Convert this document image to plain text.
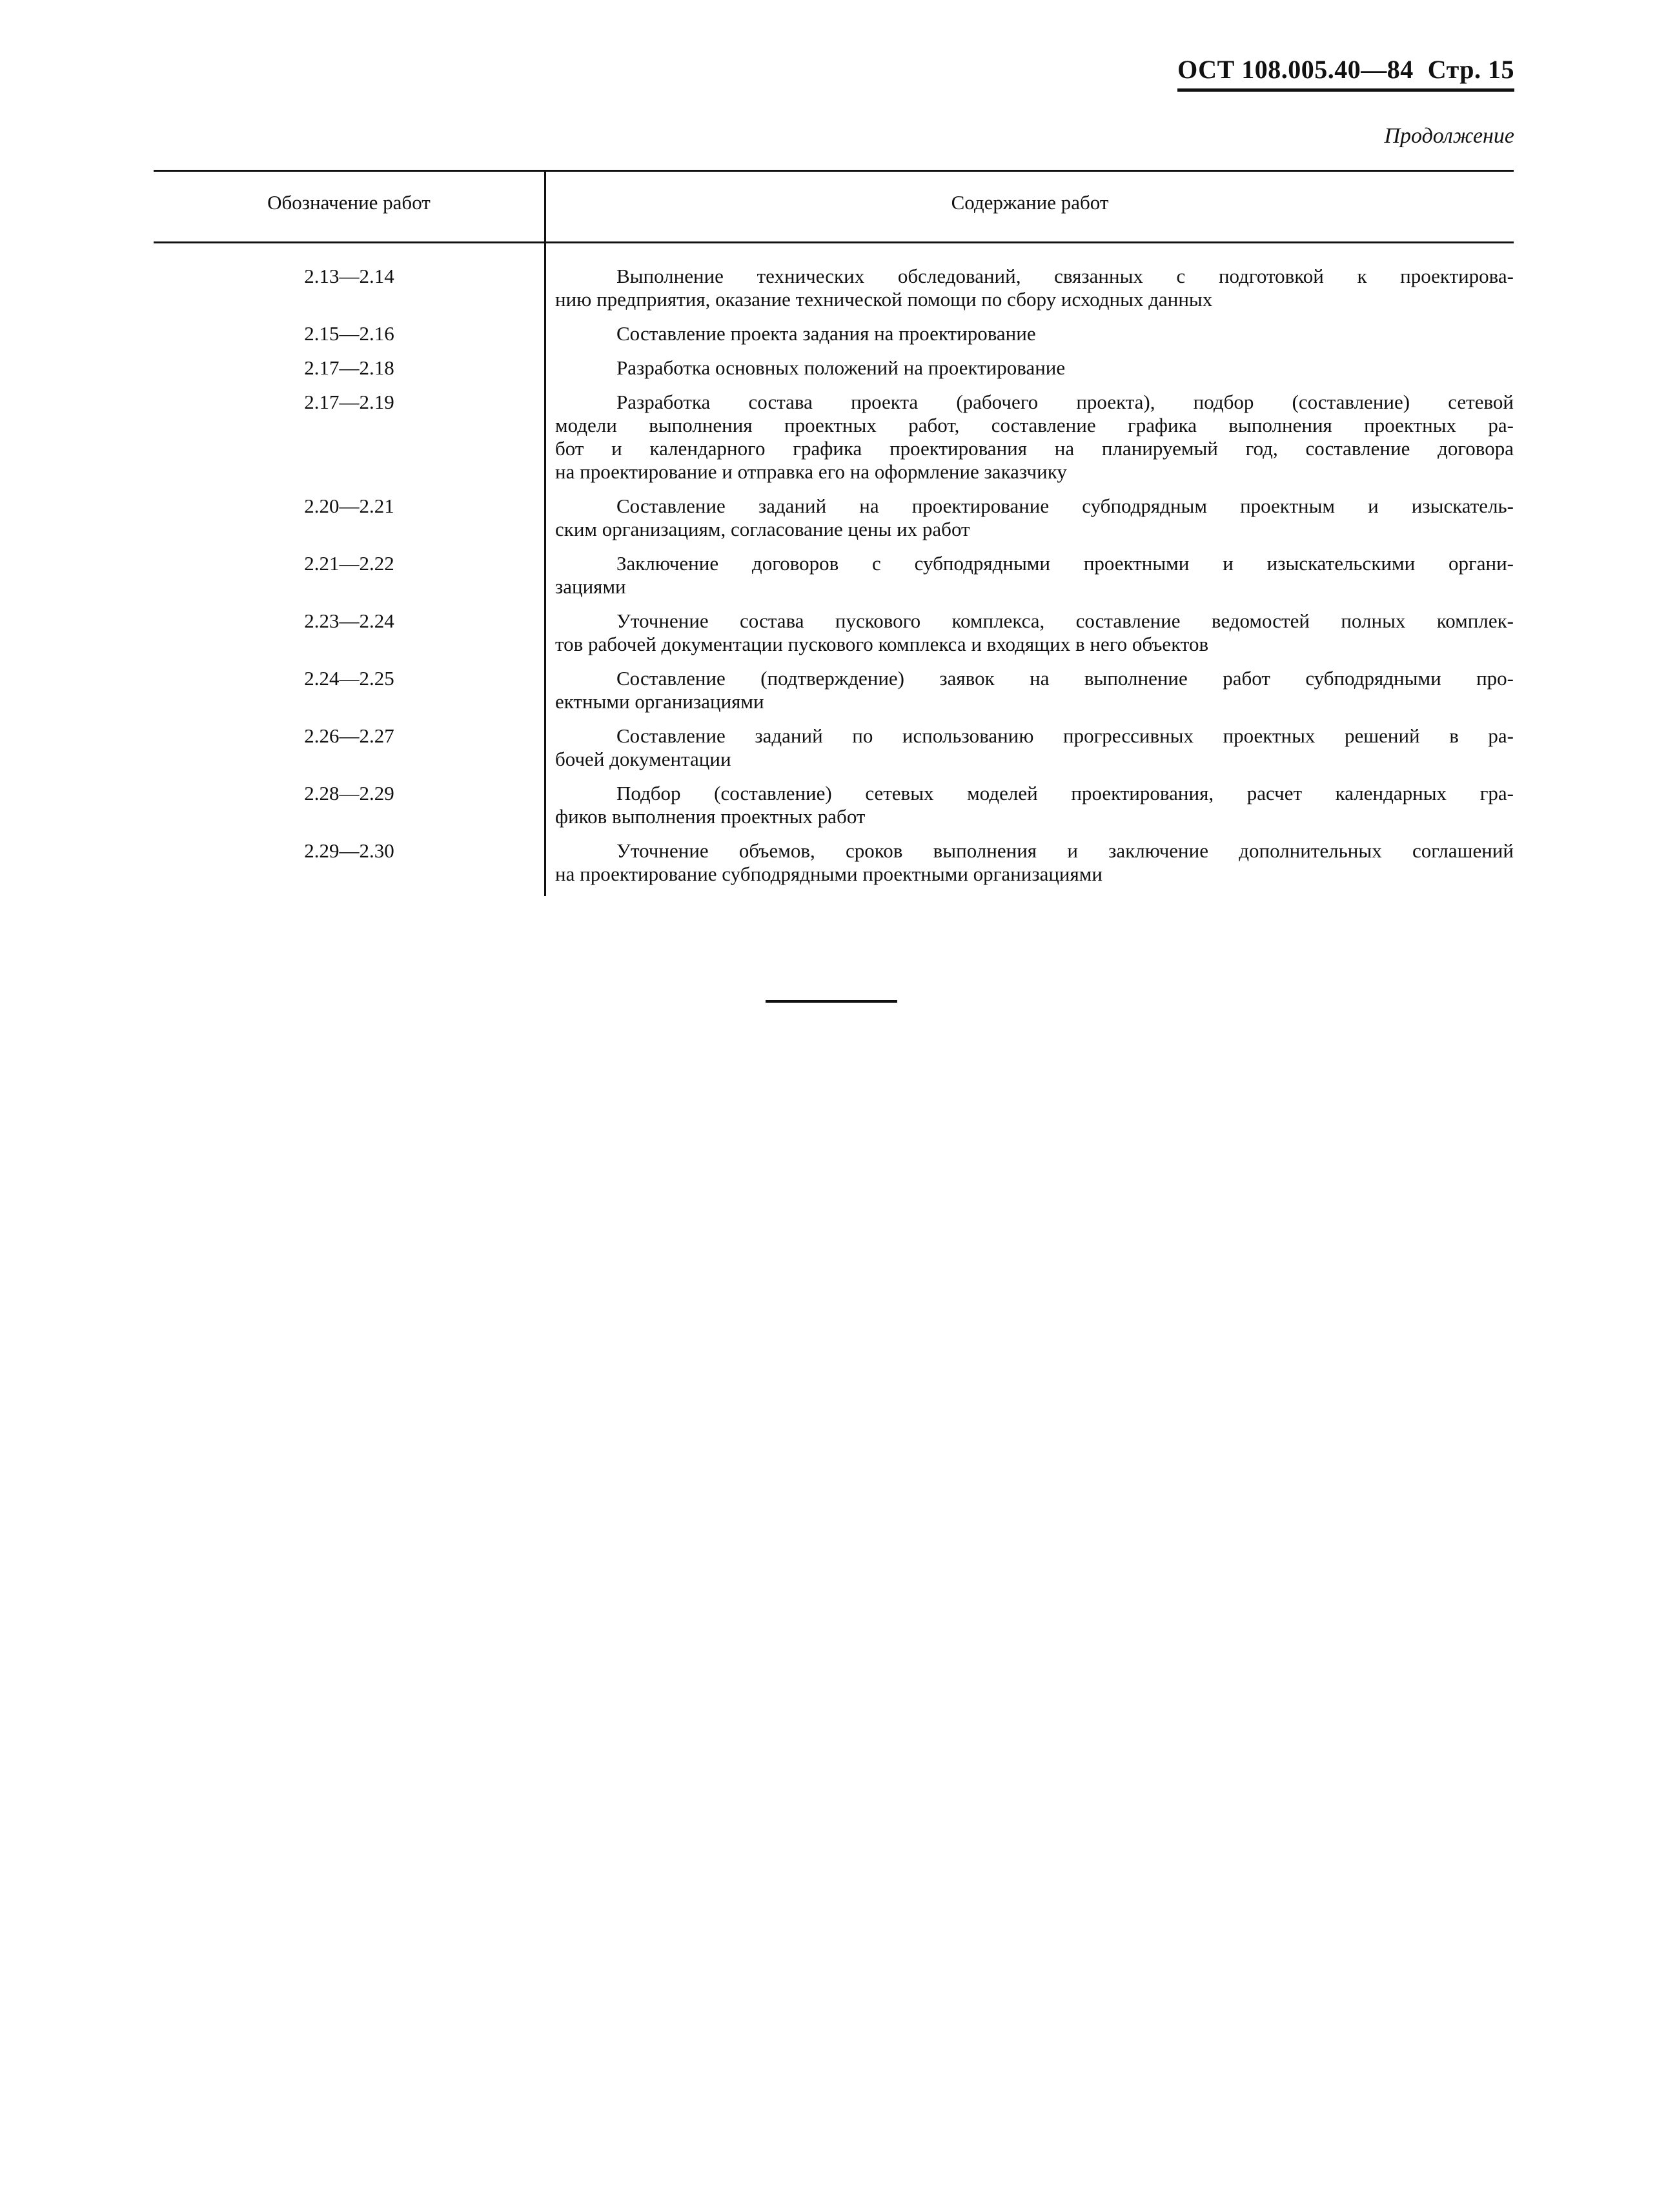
ОСТ 108.005.40—84 Стр. 15
Продолжение
Обозначение работ	Содержание работ
2.13—2.14	Выполнение технических обследований, связанных с подготовкой к проектирова-
нию предприятия, оказание технической помощи по сбору исходных данных
2.15—2.16	Составление проекта задания на проектирование
2.17—2.18	Разработка основных положений на проектирование
2.17—2.19	Разработка состава проекта (рабочего проекта), подбор (составление) сетевой
модели выполнения проектных работ, составление графика выполнения проектных ра-
бот и календарного графика проектирования на планируемый год, составление договора
на проектирование и отправка его на оформление заказчику
2.20—2.21	Составление заданий на проектирование субподрядным проектным и изыскатель-
ским организациям, согласование цены их работ
2.21—2.22	Заключение договоров с субподрядными проектными и изыскательскими органи-
зациями
2.23—2.24	Уточнение состава пускового комплекса, составление ведомостей полных комплек-
тов рабочей документации пускового комплекса и входящих в него объектов
2.24—2.25	Составление (подтверждение) заявок на выполнение работ субподрядными про-
ектными организациями
2.26—2.27	Составление заданий по использованию прогрессивных проектных решений в ра-
бочей документации
2.28—2.29	Подбор (составление) сетевых моделей проектирования, расчет календарных гра-
фиков выполнения проектных работ
2.29—2.30	Уточнение объемов, сроков выполнения и заключение дополнительных соглашений
на проектирование субподрядными проектными организациями
